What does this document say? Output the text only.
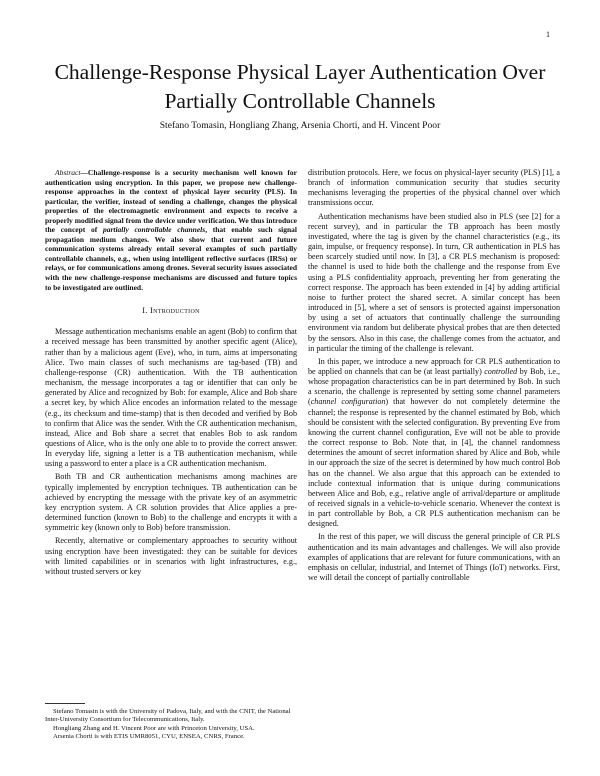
1
Challenge-Response Physical Layer Authentication Over Partially Controllable Channels
Stefano Tomasin, Hongliang Zhang, Arsenia Chorti, and H. Vincent Poor

Abstract—Challenge-response is a security mechanism well known for authentication using encryption. In this paper, we propose new challenge-response approaches in the context of physical layer security (PLS). In particular, the verifier, instead of sending a challenge, changes the physical properties of the electromagnetic environment and expects to receive a properly modified signal from the device under verification. We thus introduce the concept of partially controllable channels, that enable such signal propagation medium changes. We also show that current and future communication systems already entail several examples of such partially controllable channels, e.g., when using intelligent reflective surfaces (IRSs) or relays, or for communications among drones. Several security issues associated with the new challenge-response mechanisms are discussed and future topics to be investigated are outlined.

I. Introduction

Message authentication mechanisms enable an agent (Bob) to confirm that a received message has been transmitted by another specific agent (Alice), rather than by a malicious agent (Eve), who, in turn, aims at impersonating Alice. Two main classes of such mechanisms are tag-based (TB) and challenge-response (CR) authentication. With the TB authentication mechanism, the message incorporates a tag or identifier that can only be generated by Alice and recognized by Bob: for example, Alice and Bob share a secret key, by which Alice encodes an information related to the message (e.g., its checksum and time-stamp) that is then decoded and verified by Bob to confirm that Alice was the sender. With the CR authentication mechanism, instead, Alice and Bob share a secret that enables Bob to ask random questions of Alice, who is the only one able to to provide the correct answer. In everyday life, signing a letter is a TB authentication mechanism, while using a password to enter a place is a CR authentication mechanism.

Both TB and CR authentication mechanisms among machines are typically implemented by encryption techniques. TB authentication can be achieved by encrypting the message with the private key of an asymmetric key encryption system. A CR solution provides that Alice applies a pre-determined function (known to Bob) to the challenge and encrypts it with a symmetric key (known only to Bob) before transmission.

Recently, alternative or complementary approaches to security without using encryption have been investigated: they can be suitable for devices with limited capabilities or in scenarios with light infrastructures, e.g., without trusted servers or key

distribution protocols. Here, we focus on physical-layer security (PLS) [1], a branch of information communication security that studies security mechanisms leveraging the properties of the physical channel over which transmissions occur.

Authentication mechanisms have been studied also in PLS (see [2] for a recent survey), and in particular the TB approach has been mostly investigated, where the tag is given by the channel characteristics (e.g., its gain, impulse, or frequency response). In turn, CR authentication in PLS has been scarcely studied until now. In [3], a CR PLS mechanism is proposed: the channel is used to hide both the challenge and the response from Eve using a PLS confidentiality approach, preventing her from generating the correct response. The approach has been extended in [4] by adding artificial noise to further protect the shared secret. A similar concept has been introduced in [5], where a set of sensors is protected against impersonation by using a set of actuators that continually challenge the surrounding environment via random but deliberate physical probes that are then detected by the sensors. Also in this case, the challenge comes from the actuator, and in particular the timing of the challenge is relevant.

In this paper, we introduce a new approach for CR PLS authentication to be applied on channels that can be (at least partially) controlled by Bob, i.e., whose propagation characteristics can be in part determined by Bob. In such a scenario, the challenge is represented by setting some channel parameters (channel configuration) that however do not completely determine the channel; the response is represented by the channel estimated by Bob, which should be consistent with the selected configuration. By preventing Eve from knowing the current channel configuration, Eve will not be able to provide the correct response to Bob. Note that, in [4], the channel randomness determines the amount of secret information shared by Alice and Bob, while in our approach the size of the secret is determined by how much control Bob has on the channel. We also argue that this approach can be extended to include contextual information that is unique during communications between Alice and Bob, e.g., relative angle of arrival/departure or amplitude of received signals in a vehicle-to-vehicle scenario. Whenever the context is in part controllable by Bob, a CR PLS authentication mechanism can be designed.

In the rest of this paper, we will discuss the general principle of CR PLS authentication and its main advantages and challenges. We will also provide examples of applications that are relevant for future communications, with an emphasis on cellular, industrial, and Internet of Things (IoT) networks. First, we will detail the concept of partially controllable

Stefano Tomasin is with the University of Padova, Italy, and with the CNIT, the National Inter-University Consortium for Telecommunications, Italy.
Hongliang Zhang and H. Vincent Poor are with Princeton University, USA.
Arsenia Chorti is with ETIS UMR8051, CYU, ENSEA, CNRS, France.
